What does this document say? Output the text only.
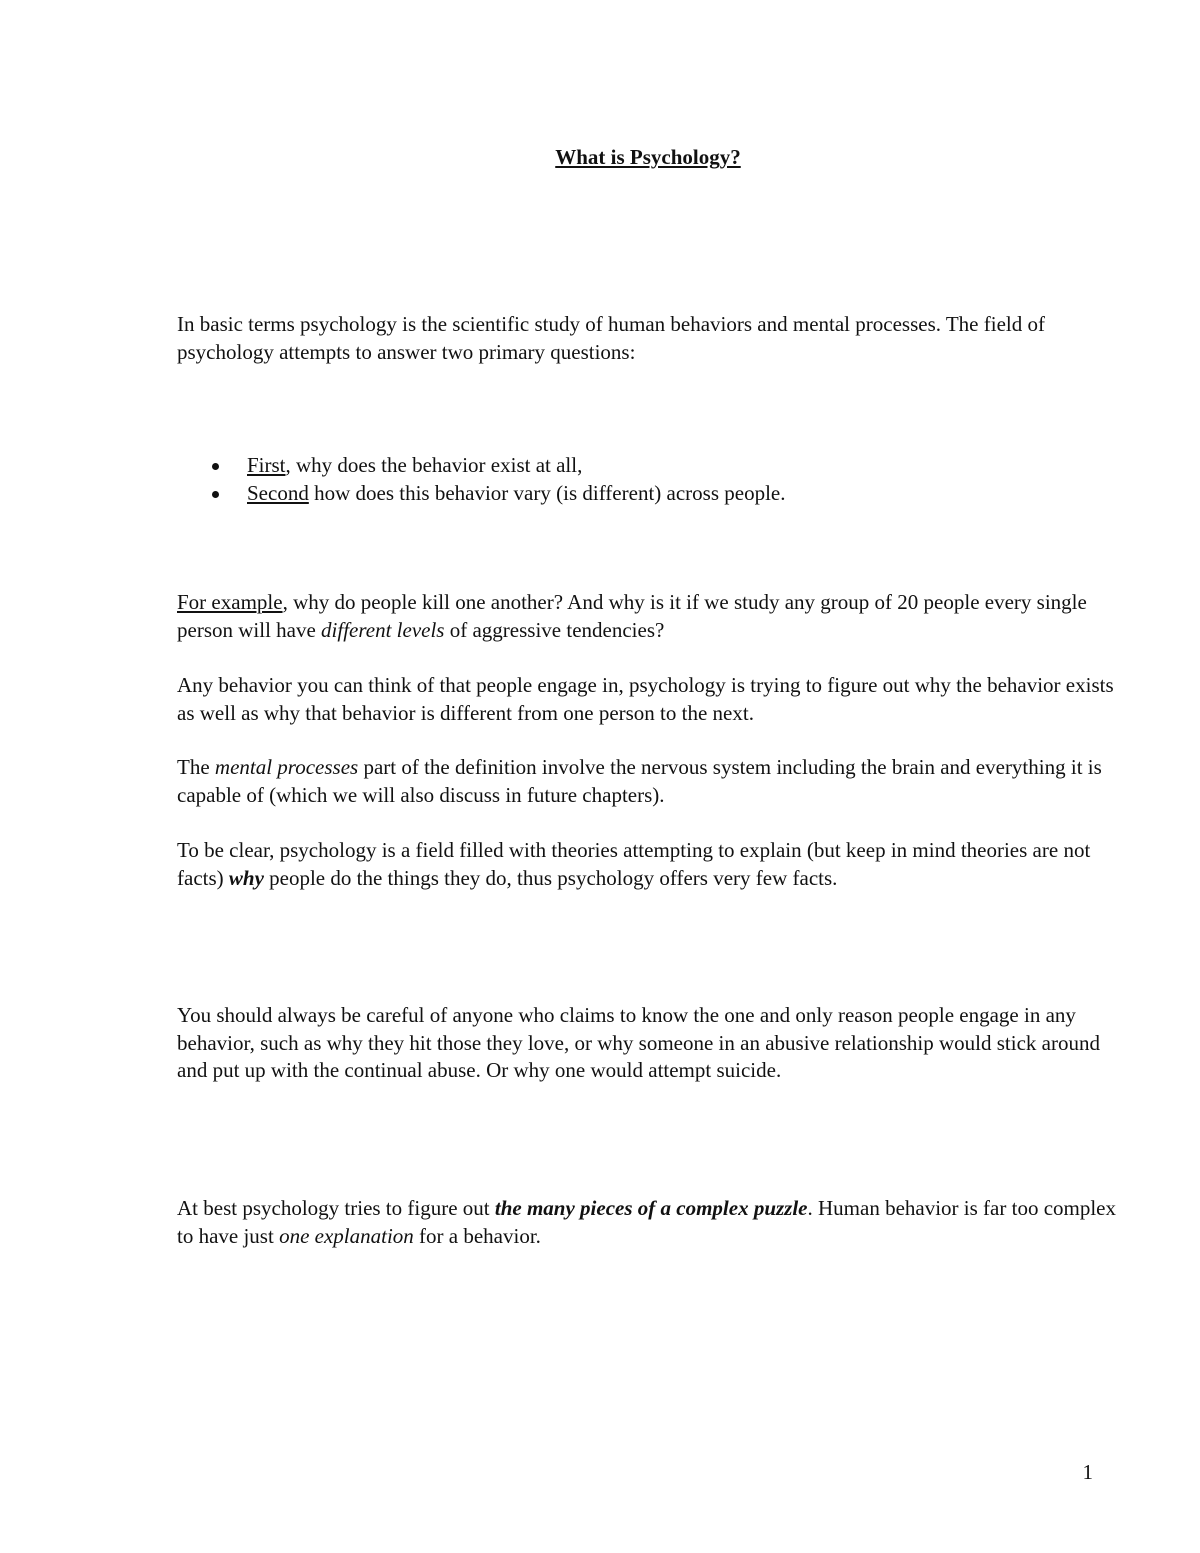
What is Psychology?
In basic terms psychology is the scientific study of human behaviors and mental processes. The field of psychology attempts to answer two primary questions:
First, why does the behavior exist at all,
Second how does this behavior vary (is different) across people.
For example, why do people kill one another? And why is it if we study any group of 20 people every single person will have different levels of aggressive tendencies?
Any behavior you can think of that people engage in, psychology is trying to figure out why the behavior exists as well as why that behavior is different from one person to the next.
The mental processes part of the definition involve the nervous system including the brain and everything it is capable of (which we will also discuss in future chapters).
To be clear, psychology is a field filled with theories attempting to explain (but keep in mind theories are not facts) why people do the things they do, thus psychology offers very few facts.
You should always be careful of anyone who claims to know the one and only reason people engage in any behavior, such as why they hit those they love, or why someone in an abusive relationship would stick around and put up with the continual abuse. Or why one would attempt suicide.
At best psychology tries to figure out the many pieces of a complex puzzle. Human behavior is far too complex to have just one explanation for a behavior.
1
